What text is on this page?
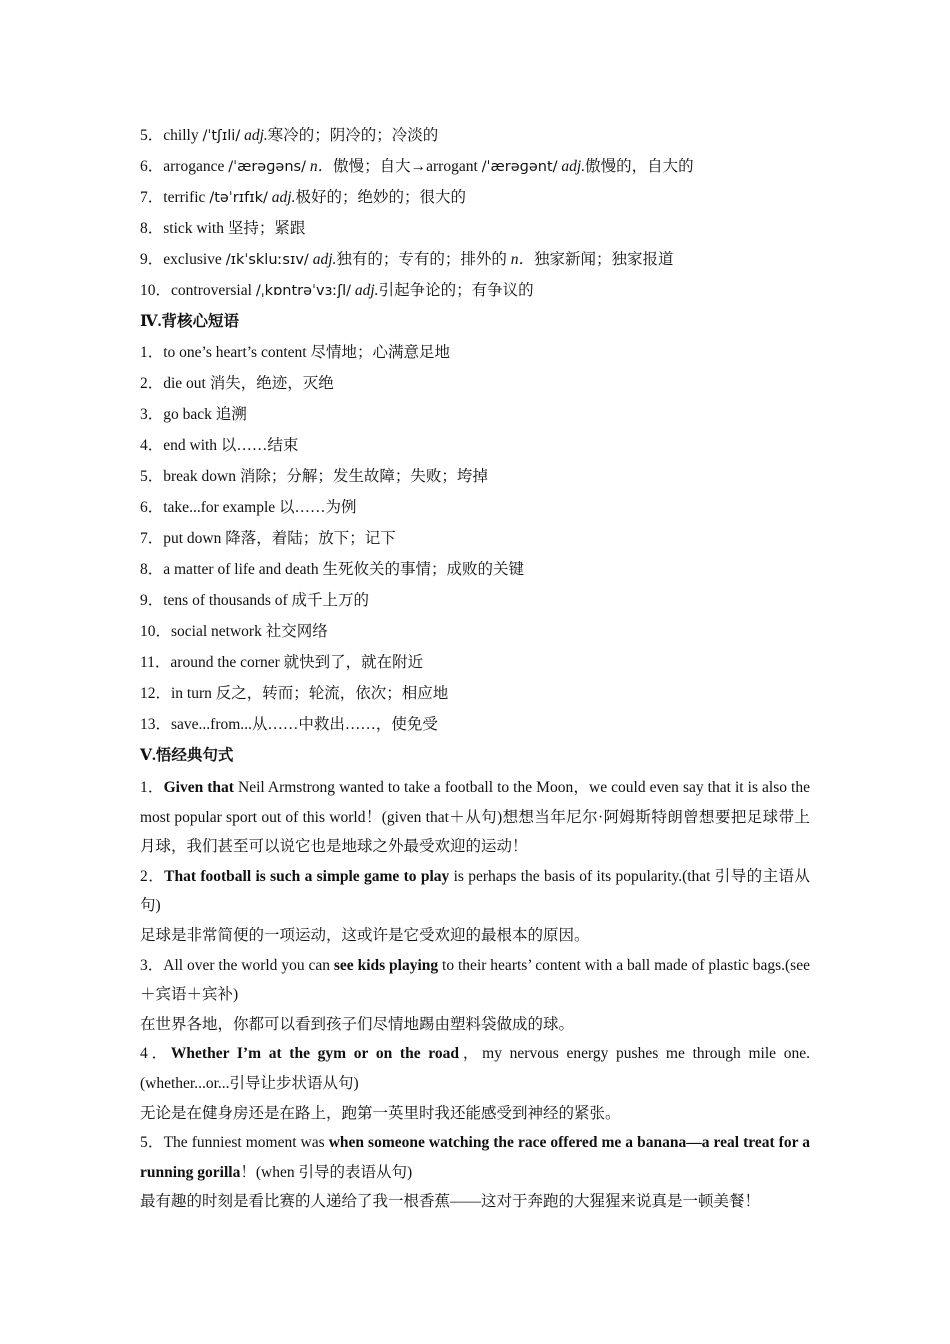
5．chilly /ˈtʃɪli/ adj.寒冷的；阴冷的；冷淡的
6．arrogance /ˈærəɡəns/ n．傲慢；自大→arrogant /ˈærəɡənt/ adj.傲慢的，自大的
7．terrific /təˈrɪfɪk/ adj.极好的；绝妙的；很大的
8．stick with 坚持；紧跟
9．exclusive /ɪkˈskluːsɪv/ adj.独有的；专有的；排外的 n．独家新闻；独家报道
10．controversial /ˌkɒntrəˈvɜːʃl/ adj.引起争论的；有争议的
Ⅳ.背核心短语
1．to one’s heart’s content 尽情地；心满意足地
2．die out 消失，绝迹，灭绝
3．go back 追溯
4．end with 以……结束
5．break down 消除；分解；发生故障；失败；垮掉
6．take...for example 以……为例
7．put down 降落，着陆；放下；记下
8．a matter of life and death 生死攸关的事情；成败的关键
9．tens of thousands of 成千上万的
10．social network 社交网络
11．around the corner 就快到了，就在附近
12．in turn 反之，转而；轮流，依次；相应地
13．save...from...从……中救出……，使免受
Ⅴ.悟经典句式

1．Given that Neil Armstrong wanted to take a football to the Moon，we could even say that it is also the most popular sport out of this world！(given that＋从句)想想当年尼尔·阿姆斯特朗曾想要把足球带上月球，我们甚至可以说它也是地球之外最受欢迎的运动！

2．That football is such a simple game to play is perhaps the basis of its popularity.(that 引导的主语从句)

足球是非常简便的一项运动，这或许是它受欢迎的最根本的原因。

3．All over the world you can see kids playing to their hearts’ content with a ball made of plastic bags.(see＋宾语＋宾补)

在世界各地，你都可以看到孩子们尽情地踢由塑料袋做成的球。

4．Whether I’m at the gym or on the road，my nervous energy pushes me through mile one.(whether...or...引导让步状语从句)

无论是在健身房还是在路上，跑第一英里时我还能感受到神经的紧张。

5．The funniest moment was when someone watching the race offered me a banana—a real treat for a running gorilla！(when 引导的表语从句)

最有趣的时刻是看比赛的人递给了我一根香蕉——这对于奔跑的大猩猩来说真是一顿美餐！
